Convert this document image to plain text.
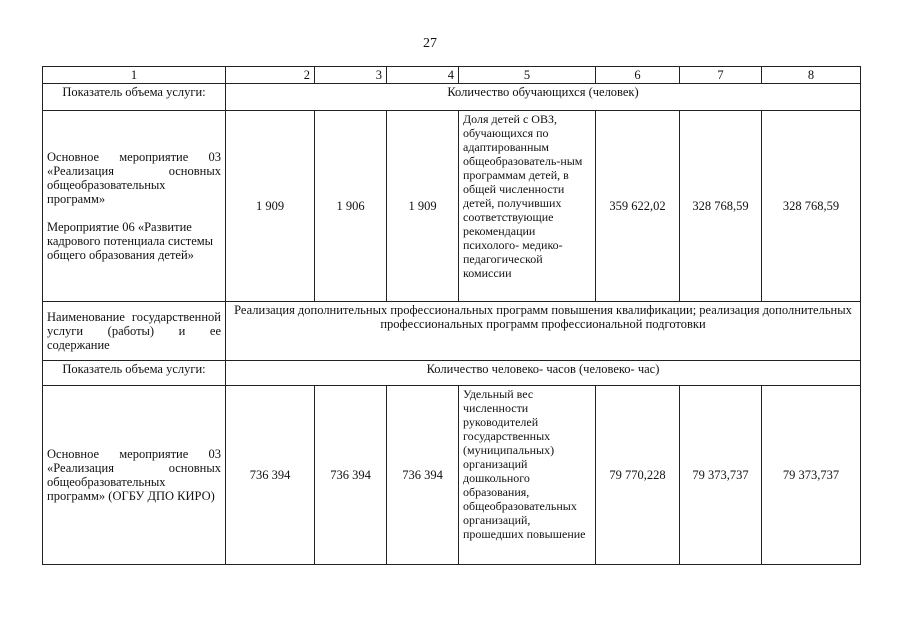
27
1	2	3	4	5	6	7	8
Показатель объема услуги:	Количество обучающихся (человек)						

Основное мероприятие 03 «Реализация основных общеобразовательных программ»
Мероприятие 06 «Развитие кадрового потенциала системы общего образования детей»	1 909	1 906	1 909	Доля детей с ОВЗ, обучающихся по адаптированным общеобразователь-ным программам детей, в общей численности детей, получивших соответствующие рекомендации психолого- медико-педагогической комиссии	359 622,02	328 768,59	328 768,59
Наименование государственной услуги (работы) и ее содержание	Реализация дополнительных профессиональных программ повышения квалификации; реализация дополнительных профессиональных программ профессиональной подготовки						
Показатель объема услуги:	Количество человеко- часов (человеко- час)						
Основное мероприятие 03 «Реализация основных общеобразовательных программ» (ОГБУ ДПО КИРО)	736 394	736 394	736 394	Удельный вес численности руководителей государственных (муниципальных) организаций дошкольного образования, общеобразовательных организаций, прошедших повышение	79 770,228	79 373,737	79 373,737
